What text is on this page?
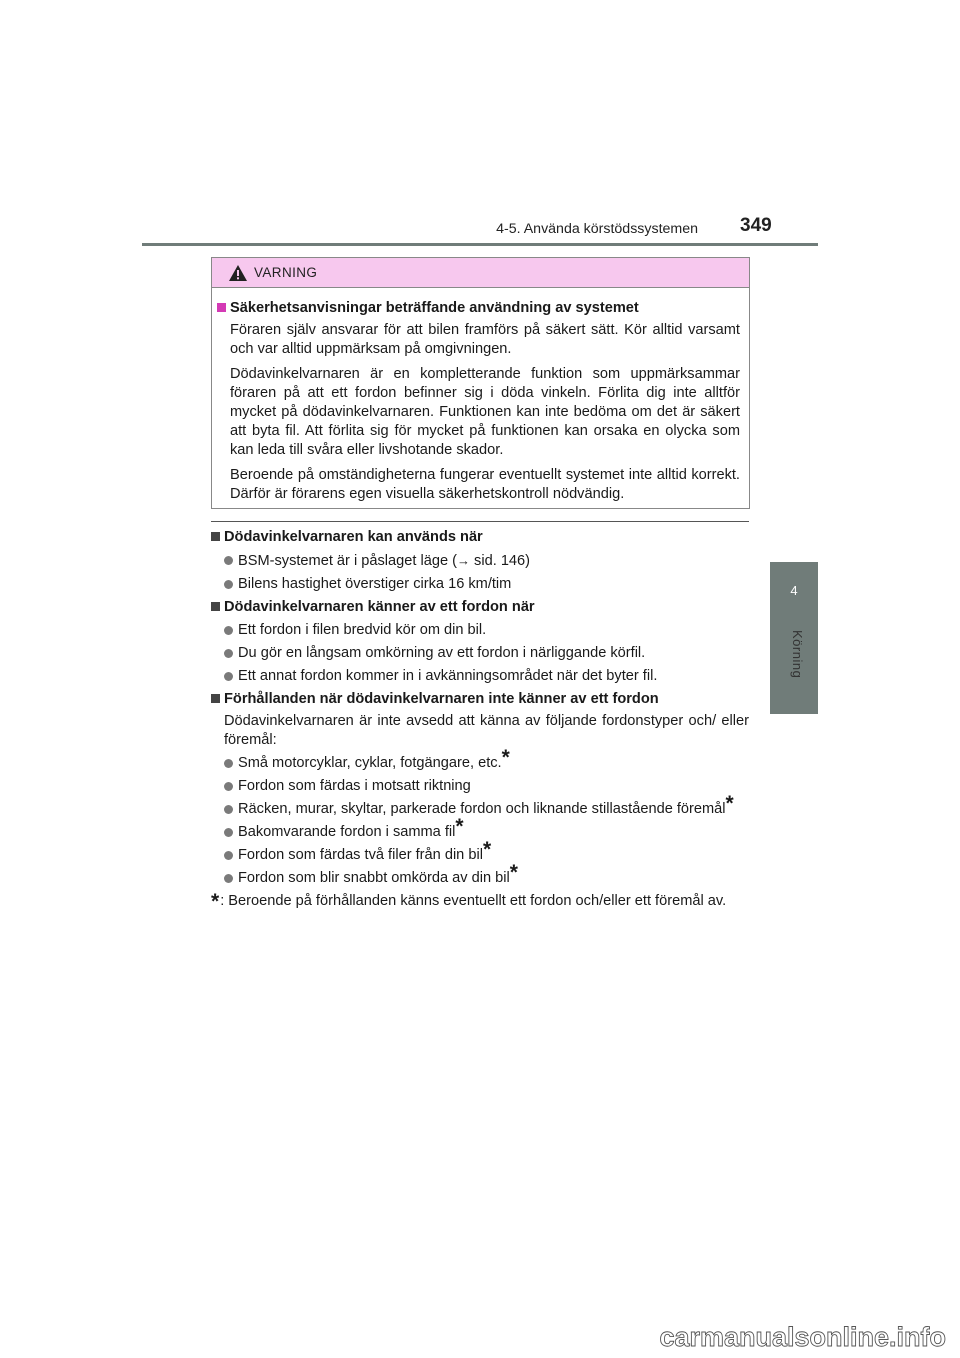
4-5. Använda körstödssystemen 349
4
Körning
VARNING
Säkerhetsanvisningar beträffande användning av systemet
Föraren själv ansvarar för att bilen framförs på säkert sätt. Kör alltid varsamt och var alltid uppmärksam på omgivningen.
Dödavinkelvarnaren är en kompletterande funktion som uppmärksammar föraren på att ett fordon befinner sig i döda vinkeln. Förlita dig inte alltför mycket på dödavinkelvarnaren. Funktionen kan inte bedöma om det är säkert att byta fil. Att förlita sig för mycket på funktionen kan orsaka en olycka som kan leda till svåra eller livshotande skador.
Beroende på omständigheterna fungerar eventuellt systemet inte alltid korrekt. Därför är förarens egen visuella säkerhetskontroll nödvändig.
Dödavinkelvarnaren kan används när
BSM-systemet är i påslaget läge (→ sid. 146)
Bilens hastighet överstiger cirka 16 km/tim
Dödavinkelvarnaren känner av ett fordon när
Ett fordon i filen bredvid kör om din bil.
Du gör en långsam omkörning av ett fordon i närliggande körfil.
Ett annat fordon kommer in i avkänningsområdet när det byter fil.
Förhållanden när dödavinkelvarnaren inte känner av ett fordon
Dödavinkelvarnaren är inte avsedd att känna av följande fordonstyper och/ eller föremål:
Små motorcyklar, cyklar, fotgängare, etc.*
Fordon som färdas i motsatt riktning
Räcken, murar, skyltar, parkerade fordon och liknande stillastående föremål*
Bakomvarande fordon i samma fil*
Fordon som färdas två filer från din bil*
Fordon som blir snabbt omkörda av din bil*
* : Beroende på förhållanden känns eventuellt ett fordon och/eller ett föremål av.
carmanualsonline.info
